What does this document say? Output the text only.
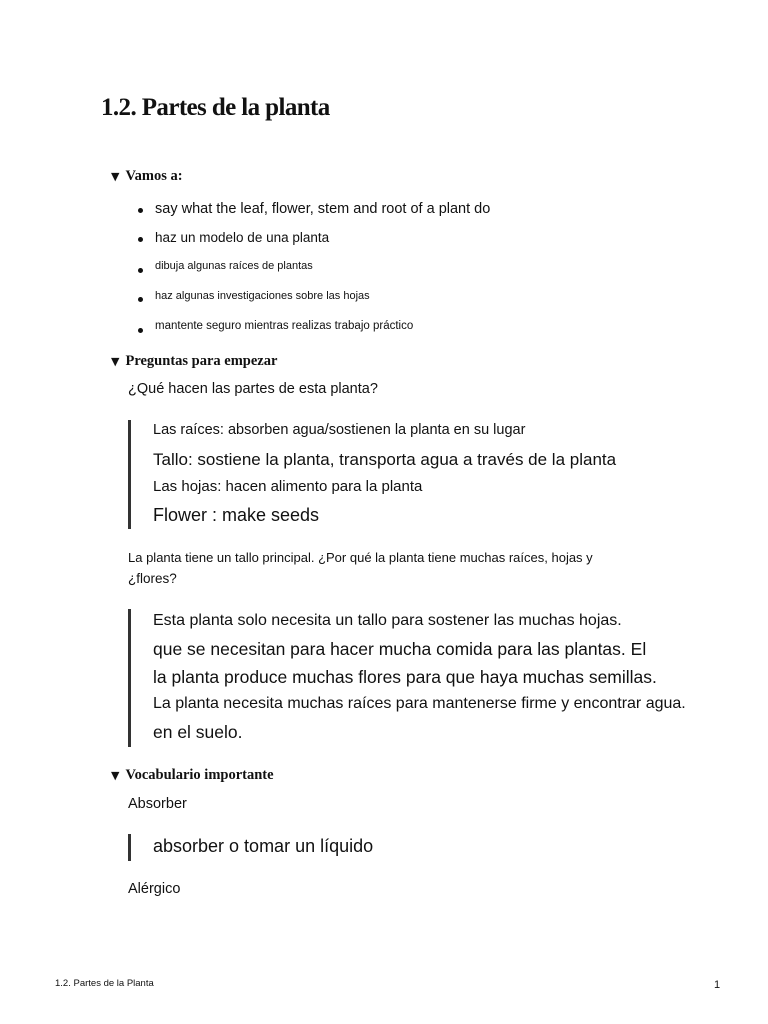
1.2. Partes de la planta
▼ Vamos a:
say what the leaf, flower, stem and root of a plant do
haz un modelo de una planta
dibuja algunas raíces de plantas
haz algunas investigaciones sobre las hojas
mantente seguro mientras realizas trabajo práctico
▼ Preguntas para empezar
¿Qué hacen las partes de esta planta?
Las raíces: absorben agua/sostienen la planta en su lugar
Tallo: sostiene la planta, transporta agua a través de la planta
Las hojas: hacen alimento para la planta
Flower : make seeds
La planta tiene un tallo principal. ¿Por qué la planta tiene muchas raíces, hojas y
¿flores?
Esta planta solo necesita un tallo para sostener las muchas hojas.
que se necesitan para hacer mucha comida para las plantas. El
la planta produce muchas flores para que haya muchas semillas.
La planta necesita muchas raíces para mantenerse firme y encontrar agua.
en el suelo.
▼ Vocabulario importante
Absorber
absorber o tomar un líquido
Alérgico
1.2. Partes de la Planta	1
